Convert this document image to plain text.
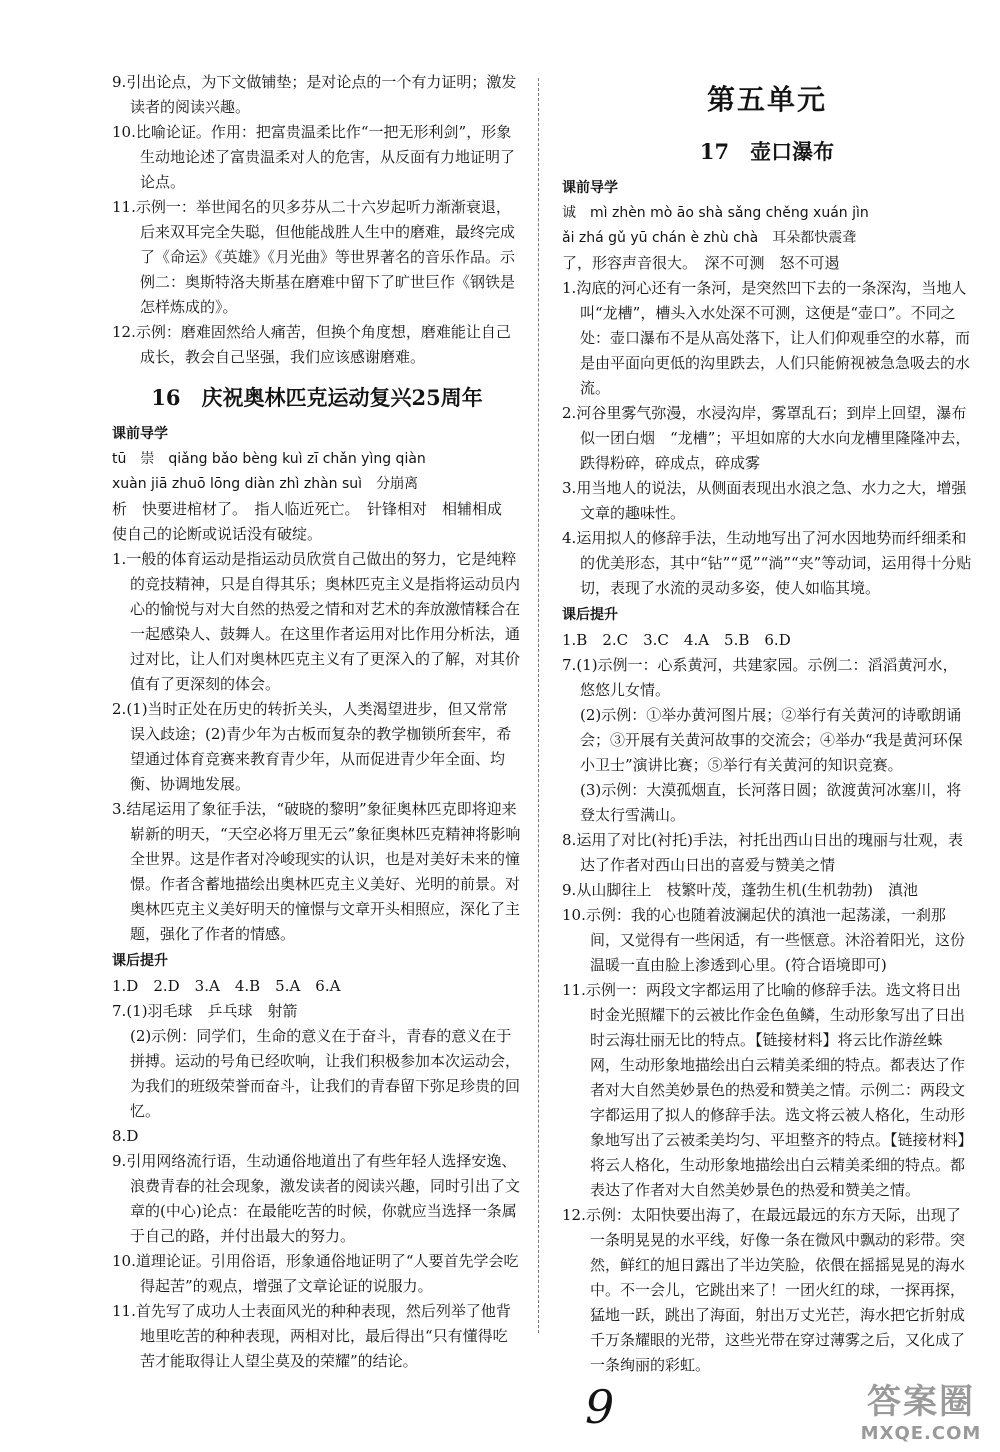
9.引出论点，为下文做铺垫；是对论点的一个有力证明；激发读者的阅读兴趣。

10.比喻论证。作用：把富贵温柔比作“一把无形利剑”，形象生动地论述了富贵温柔对人的危害，从反面有力地证明了论点。

11.示例一：举世闻名的贝多芬从二十六岁起听力渐渐衰退，后来双耳完全失聪，但他能战胜人生中的磨难，最终完成了《命运》《英雄》《月光曲》等世界著名的音乐作品。示例二：奥斯特洛夫斯基在磨难中留下了旷世巨作《钢铁是怎样炼成的》。

12.示例：磨难固然给人痛苦，但换个角度想，磨难能让自己成长，教会自己坚强，我们应该感谢磨难。

16　庆祝奥林匹克运动复兴25周年

课前导学

tū　崇　qiǎng bǎo bèng kuì zī chǎn yìng qiàn

xuàn jiā zhuō lōng diàn zhì zhàn suì　分崩离

析　快要进棺材了。　指人临近死亡。　针锋相对　相辅相成　使自己的论断或说话没有破绽。

1.一般的体育运动是指运动员欣赏自己做出的努力，它是纯粹的竞技精神，只是自得其乐；奥林匹克主义是指将运动员内心的愉悦与对大自然的热爱之情和对艺术的奔放激情糅合在一起感染人、鼓舞人。在这里作者运用对比作用分析法，通过对比，让人们对奥林匹克主义有了更深入的了解，对其价值有了更深刻的体会。

2.(1)当时正处在历史的转折关头，人类渴望进步，但又常常误入歧途；(2)青少年为古板而复杂的教学枷锁所套牢，希望通过体育竞赛来教育青少年，从而促进青少年全面、均衡、协调地发展。

3.结尾运用了象征手法，“破晓的黎明”象征奥林匹克即将迎来崭新的明天，“天空必将万里无云”象征奥林匹克精神将影响全世界。这是作者对冷峻现实的认识，也是对美好未来的憧憬。作者含蓄地描绘出奥林匹克主义美好、光明的前景。对奥林匹克主义美好明天的憧憬与文章开头相照应，深化了主题，强化了作者的情感。

课后提升

1.D　2.D　3.A　4.B　5.A　6.A

7.(1)羽毛球　乒乓球　射箭

(2)示例：同学们，生命的意义在于奋斗，青春的意义在于拼搏。运动的号角已经吹响，让我们积极参加本次运动会，为我们的班级荣誉而奋斗，让我们的青春留下弥足珍贵的回忆。

8.D

9.引用网络流行语，生动通俗地道出了有些年轻人选择安逸、浪费青春的社会现象，激发读者的阅读兴趣，同时引出了文章的(中心)论点：在最能吃苦的时候，你就应当选择一条属于自己的路，并付出最大的努力。

10.道理论证。引用俗语，形象通俗地证明了“人要首先学会吃得起苦”的观点，增强了文章论证的说服力。

11.首先写了成功人士表面风光的种种表现，然后列举了他背地里吃苦的种种表现，两相对比，最后得出“只有懂得吃苦才能取得让人望尘莫及的荣耀”的结论。

第五单元
17　壶口瀑布

课前导学

诚　mì zhèn mò āo shà sǎng chěng xuán jìn

ǎi zhá gǔ yū chán è zhù chà　耳朵都快震聋

了，形容声音很大。　深不可测　怒不可遏

1.沟底的河心还有一条河，是突然凹下去的一条深沟，当地人叫“龙槽”，槽头入水处深不可测，这便是“壶口”。不同之处：壶口瀑布不是从高处落下，让人们仰观垂空的水幕，而是由平面向更低的沟里跌去，人们只能俯视被急急吸去的水流。

2.河谷里雾气弥漫，水浸沟岸，雾罩乱石；到岸上回望，瀑布似一团白烟　“龙槽”；平坦如席的大水向龙槽里隆隆冲去，跌得粉碎，碎成点，碎成雾

3.用当地人的说法，从侧面表现出水浪之急、水力之大，增强文章的趣味性。

4.运用拟人的修辞手法，生动地写出了河水因地势而纤细柔和的优美形态，其中“钻”“觅”“淌”“夹”等动词，运用得十分贴切，表现了水流的灵动多姿，使人如临其境。

课后提升

1.B　2.C　3.C　4.A　5.B　6.D

7.(1)示例一：心系黄河，共建家园。示例二：滔滔黄河水，悠悠儿女情。

(2)示例：①举办黄河图片展；②举行有关黄河的诗歌朗诵会；③开展有关黄河故事的交流会；④举办“我是黄河环保小卫士”演讲比赛；⑤举行有关黄河的知识竞赛。

(3)示例：大漠孤烟直，长河落日圆；欲渡黄河冰塞川，将登太行雪满山。

8.运用了对比(衬托)手法，衬托出西山日出的瑰丽与壮观，表达了作者对西山日出的喜爱与赞美之情

9.从山脚往上　枝繁叶茂，蓬勃生机(生机勃勃)　滇池

10.示例：我的心也随着波澜起伏的滇池一起荡漾，一刹那间，又觉得有一些闲适，有一些惬意。沐浴着阳光，这份温暖一直由脸上渗透到心里。(符合语境即可)

11.示例一：两段文字都运用了比喻的修辞手法。选文将日出时金光照耀下的云被比作金色鱼鳞，生动形象写出了日出时云海壮丽无比的特点。【链接材料】将云比作游丝蛛网，生动形象地描绘出白云精美柔细的特点。都表达了作者对大自然美妙景色的热爱和赞美之情。示例二：两段文字都运用了拟人的修辞手法。选文将云被人格化，生动形象地写出了云被柔美均匀、平坦整齐的特点。【链接材料】将云人格化，生动形象地描绘出白云精美柔细的特点。都表达了作者对大自然美妙景色的热爱和赞美之情。

12.示例：太阳快要出海了，在最远最远的东方天际，出现了一条明晃晃的水平线，好像一条在微风中飘动的彩带。突然，鲜红的旭日露出了半边笑脸，依偎在摇摇晃晃的海水中。不一会儿，它跳出来了！一团火红的球，一探再探，猛地一跃，跳出了海面，射出万丈光芒，海水把它折射成千万条耀眼的光带，这些光带在穿过薄雾之后，又化成了一条绚丽的彩虹。

9	答案圈
MXQE.COM
